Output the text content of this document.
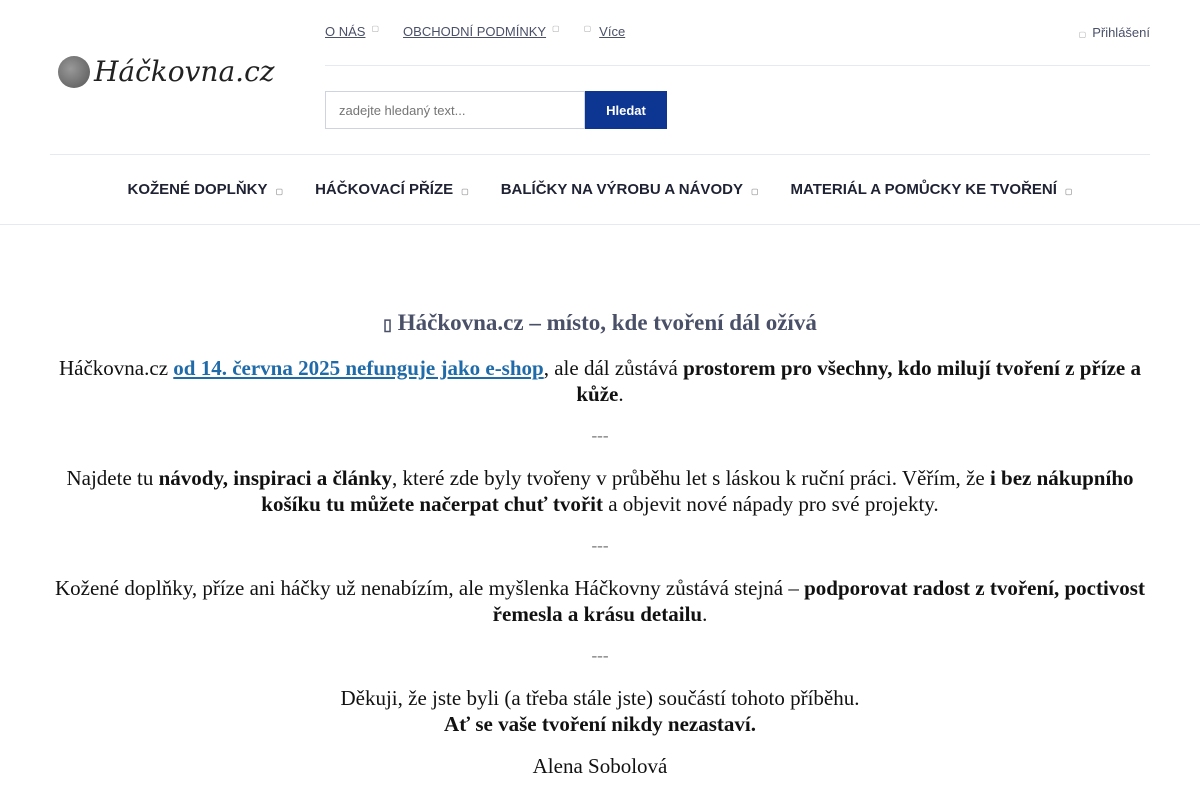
Háčkovna.cz
O NÁS ▢ OBCHODNÍ PODMÍNKY ▢	▢ Více	▢ Přihlášení
zadejte hledaný text...
Hledat
KOŽENÉ DOPLŇKY ▢ HÁČKOVACÍ PŘÍZE ▢ BALÍČKY NA VÝROBU A NÁVODY ▢ MATERIÁL A POMŮCKY KE TVOŘENÍ ▢
▯ Háčkovna.cz – místo, kde tvoření dál ožívá

Háčkovna.cz od 14. června 2025 nefunguje jako e-shop, ale dál zůstává prostorem pro všechny, kdo milují tvoření z příze a kůže.

---

Najdete tu návody, inspiraci a články, které zde byly tvořeny v průběhu let s láskou k ruční práci. Věřím, že i bez nákupního košíku tu můžete načerpat chuť tvořit a objevit nové nápady pro své projekty.

---

Kožené doplňky, příze ani háčky už nenabízím, ale myšlenka Háčkovny zůstává stejná – podporovat radost z tvoření, poctivost řemesla a krásu detailu.

---

Děkuji, že jste byli (a třeba stále jste) součástí tohoto příběhu.
Ať se vaše tvoření nikdy nezastaví.

Alena Sobolová
